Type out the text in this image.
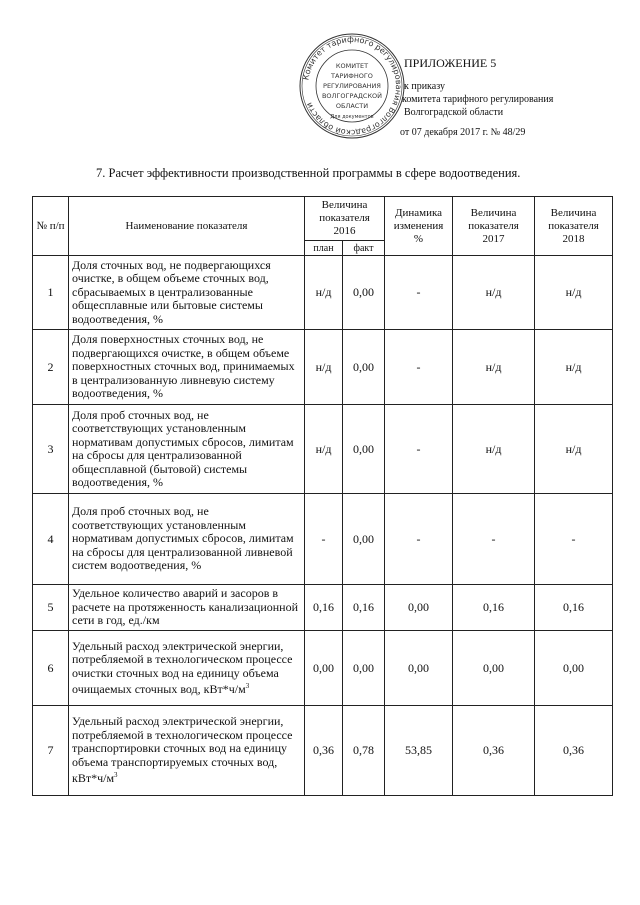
Комитет тарифного регулирования Волгоградской области
КОМИТЕТ
ТАРИФНОГО
РЕГУЛИРОВАНИЯ
ВОЛГОГРАДСКОЙ
ОБЛАСТИ
Для документов
ПРИЛОЖЕНИЕ 5
к приказу
комитета тарифного регулирования
Волгоградской области
от 07 декабря 2017 г. № 48/29
7. Расчет эффективности производственной программы в сфере водоотведения.
№ п/п	Наименование показателя	Величина показателя 2016		Динамика изменения %	Величина показателя 2017	Величина показателя 2018
		план	факт			
1	Доля сточных вод, не подвергающихся очистке, в общем объеме сточных вод, сбрасываемых в централизованные общесплавные или бытовые системы водоотведения, %	н/д	0,00	-	н/д	н/д
2	Доля поверхностных сточных вод, не подвергающихся очистке, в общем объеме поверхностных сточных вод, принимаемых в централизованную ливневую систему водоотведения, %	н/д	0,00	-	н/д	н/д
3	Доля проб сточных вод, не соответствующих установленным нормативам допустимых сбросов, лимитам на сбросы для централизованной общесплавной (бытовой) системы водоотведения, %	н/д	0,00	-	н/д	н/д
4	Доля проб сточных вод, не соответствующих установленным нормативам допустимых сбросов, лимитам на сбросы для централизованной ливневой систем водоотведения, %	-	0,00	-	-	-
5	Удельное количество аварий и засоров в расчете на протяженность канализационной сети в год, ед./км	0,16	0,16	0,00	0,16	0,16
6	Удельный расход электрической энергии, потребляемой в технологическом процессе очистки сточных вод на единицу объема очищаемых сточных вод, $кВт*ч/м^3$	0,00	0,00	0,00	0,00	0,00
7	Удельный расход электрической энергии, потребляемой в технологическом процессе транспортировки сточных вод на единицу объема транспортируемых сточных вод, $кВт*ч/м^3$	0,36	0,78	53,85	0,36	0,36
